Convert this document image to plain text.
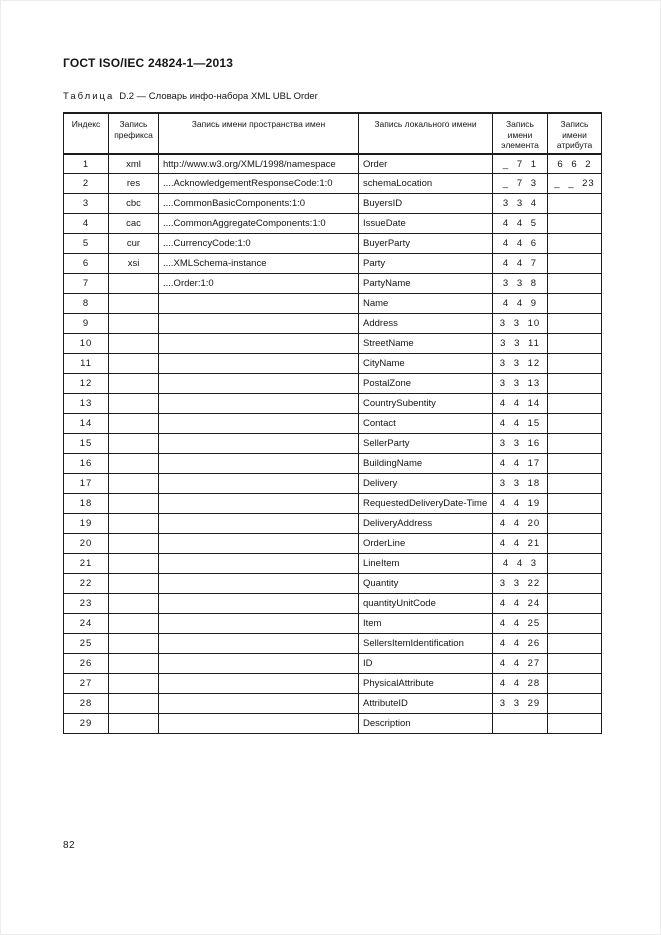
ГОСТ ISO/IEC 24824-1—2013
Таблица D.2 — Словарь инфо-набора XML UBL Order
Индекс	Запись префикса	Запись имени пространства имен	Запись локального имени	Запись имени элемента	Запись имени атрибута
1	xml	http://www.w3.org/XML/1998/namespace	Order	_ 7 1	6 6 2
2	res	....AcknowledgementResponseCode:1:0	schemaLocation	_ 7 3	_ _ 23
3	cbc	....CommonBasicComponents:1:0	BuyersID	3 3 4	
4	cac	....CommonAggregateComponents:1:0	IssueDate	4 4 5	
5	cur	....CurrencyCode:1:0	BuyerParty	4 4 6	
6	xsi	....XMLSchema-instance	Party	4 4 7	
7		....Order:1:0	PartyName	3 3 8	
8			Name	4 4 9	
9			Address	3 3 10	
10			StreetName	3 3 11	
11			CityName	3 3 12	
12			PostalZone	3 3 13	
13			CountrySubentity	4 4 14	
14			Contact	4 4 15	
15			SellerParty	3 3 16	
16			BuildingName	4 4 17	
17			Delivery	3 3 18	
18			RequestedDeliveryDate-Time	4 4 19	
19			DeliveryAddress	4 4 20	
20			OrderLine	4 4 21	
21			LineItem	4 4 3	
22			Quantity	3 3 22	
23			quantityUnitCode	4 4 24	
24			Item	4 4 25	
25			SellersItemIdentification	4 4 26	
26			ID	4 4 27	
27			PhysicalAttribute	4 4 28	
28			AttributeID	3 3 29	
29			Description		
82
